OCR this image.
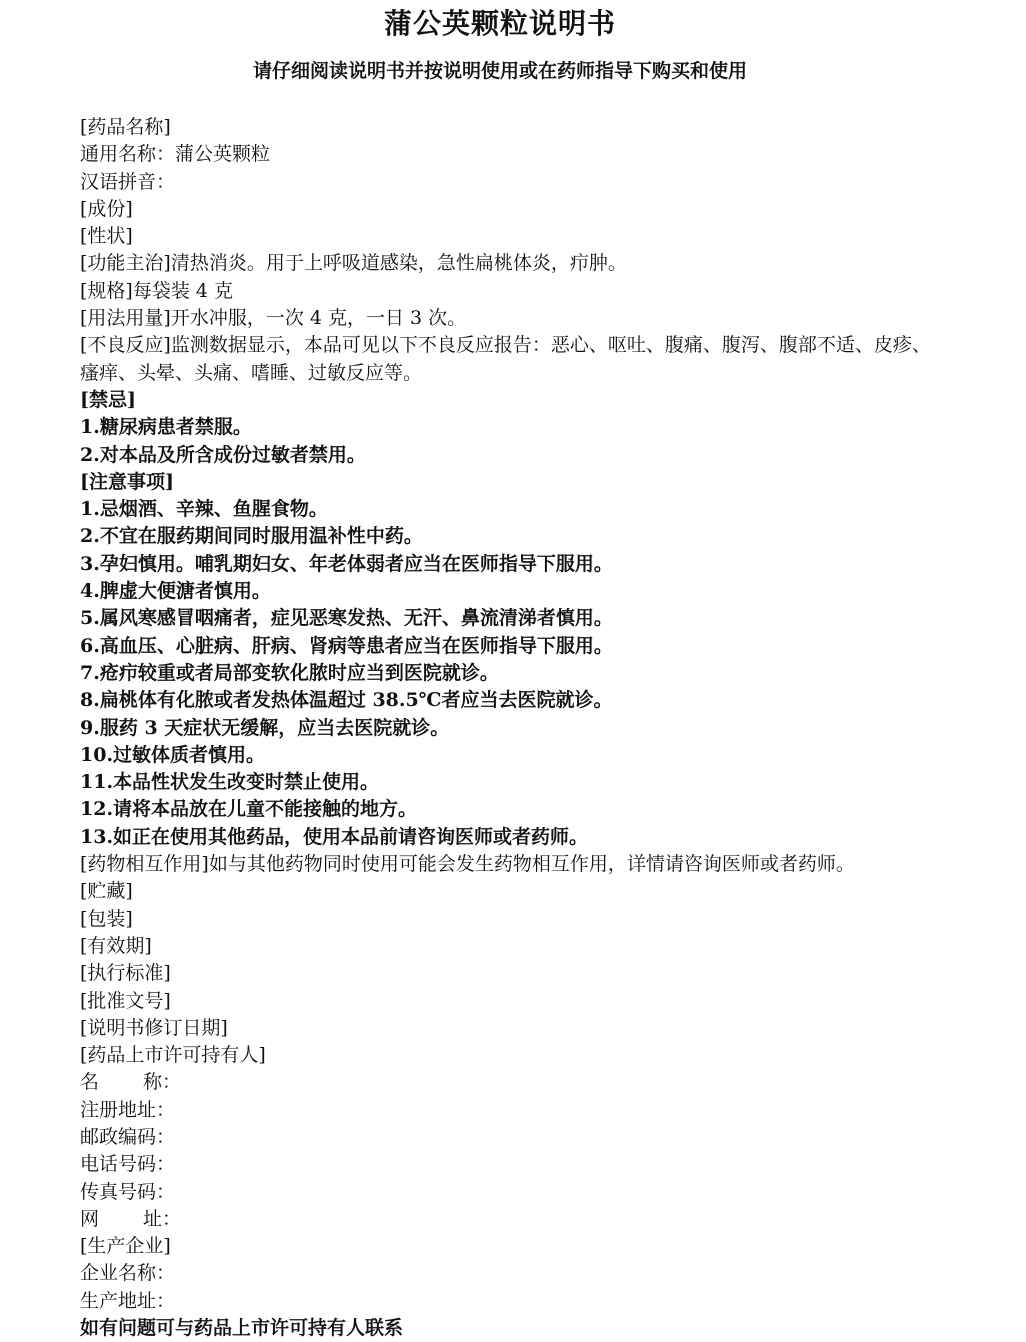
蒲公英颗粒说明书
请仔细阅读说明书并按说明使用或在药师指导下购买和使用
[药品名称]
通用名称：蒲公英颗粒
汉语拼音：
[成份]
[性状]
[功能主治]清热消炎。用于上呼吸道感染，急性扁桃体炎，疖肿。
[规格]每袋装 4 克
[用法用量]开水冲服，一次 4 克，一日 3 次。
[不良反应]监测数据显示，本品可见以下不良反应报告：恶心、呕吐、腹痛、腹泻、腹部不适、皮疹、瘙痒、头晕、头痛、嗜睡、过敏反应等。
[禁忌]
1.糖尿病患者禁服。
2.对本品及所含成份过敏者禁用。
[注意事项]
1.忌烟酒、辛辣、鱼腥食物。
2.不宜在服药期间同时服用温补性中药。
3.孕妇慎用。哺乳期妇女、年老体弱者应当在医师指导下服用。
4.脾虚大便溏者慎用。
5.属风寒感冒咽痛者，症见恶寒发热、无汗、鼻流清涕者慎用。
6.高血压、心脏病、肝病、肾病等患者应当在医师指导下服用。
7.疮疖较重或者局部变软化脓时应当到医院就诊。
8.扁桃体有化脓或者发热体温超过 38.5℃者应当去医院就诊。
9.服药 3 天症状无缓解，应当去医院就诊。
10.过敏体质者慎用。
11.本品性状发生改变时禁止使用。
12.请将本品放在儿童不能接触的地方。
13.如正在使用其他药品，使用本品前请咨询医师或者药师。
[药物相互作用]如与其他药物同时使用可能会发生药物相互作用，详情请咨询医师或者药师。
[贮藏]
[包装]
[有效期]
[执行标准]
[批准文号]
[说明书修订日期]
[药品上市许可持有人]
名 称：
注册地址：
邮政编码：
电话号码：
传真号码：
网 址：
[生产企业]
企业名称：
生产地址：
如有问题可与药品上市许可持有人联系
